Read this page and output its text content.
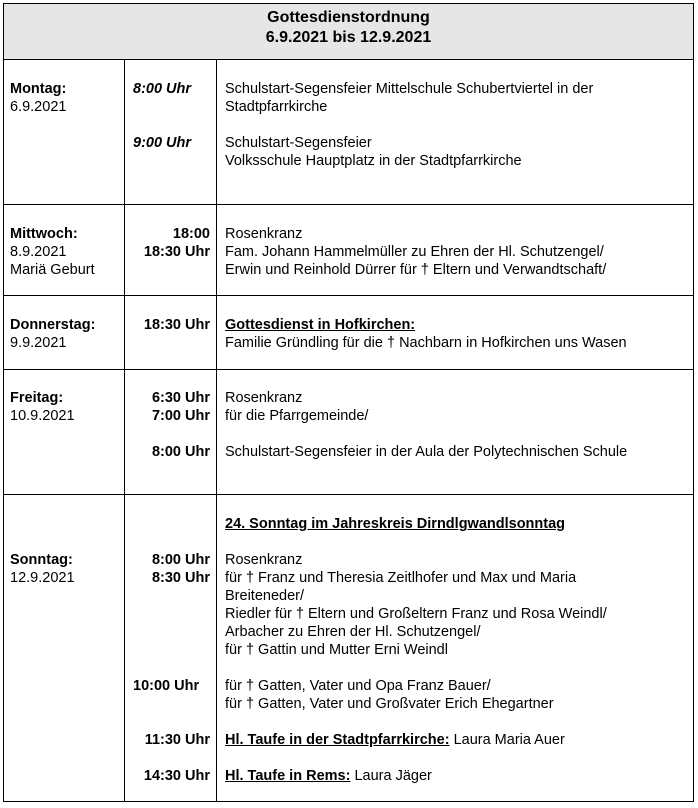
Gottesdienstordnung
6.9.2021 bis 12.9.2021
Montag:
6.9.2021
8:00 Uhr Schulstart-Segensfeier Mittelschule Schubertviertel in der
Stadtpfarrkirche
9:00 Uhr Schulstart-Segensfeier
Volksschule Hauptplatz in der Stadtpfarrkirche
Mittwoch:
8.9.2021
Mariä Geburt
18:00 Rosenkranz
18:30 Uhr Fam. Johann Hammelmüller zu Ehren der Hl. Schutzengel/
Erwin und Reinhold Dürrer für † Eltern und Verwandtschaft/
Donnerstag:
9.9.2021
18:30 Uhr Gottesdienst in Hofkirchen:
Familie Gründling für die † Nachbarn in Hofkirchen uns Wasen
Freitag:
10.9.2021
6:30 Uhr Rosenkranz
7:00 Uhr für die Pfarrgemeinde/
8:00 Uhr Schulstart-Segensfeier in der Aula der Polytechnischen Schule
24. Sonntag im Jahreskreis Dirndlgwandlsonntag
Sonntag:
12.9.2021
8:00 Uhr Rosenkranz
8:30 Uhr für † Franz und Theresia Zeitlhofer und Max und Maria
Breiteneder/
Riedler für † Eltern und Großeltern Franz und Rosa Weindl/
Arbacher zu Ehren der Hl. Schutzengel/
für † Gattin und Mutter Erni Weindl
10:00 Uhr für † Gatten, Vater und Opa Franz Bauer/
für † Gatten, Vater und Großvater Erich Ehegartner
11:30 Uhr Hl. Taufe in der Stadtpfarrkirche: Laura Maria Auer
14:30 Uhr Hl. Taufe in Rems: Laura Jäger
